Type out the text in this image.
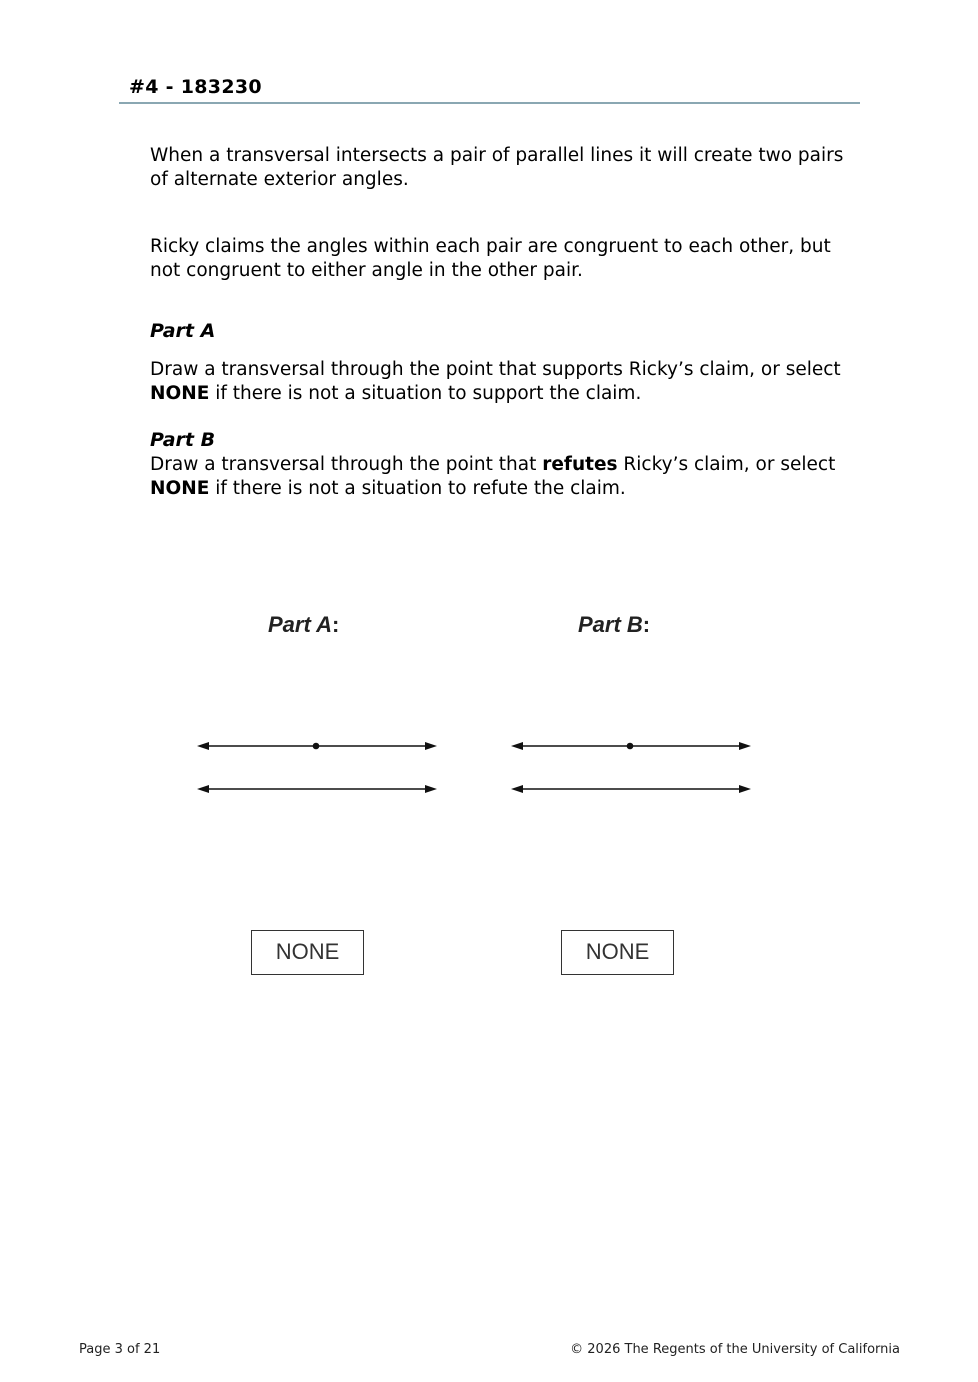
#4 - 183230

When a transversal intersects a pair of parallel lines it will create two pairs of alternate exterior angles.

Ricky claims the angles within each pair are congruent to each other, but not congruent to either angle in the other pair.

Part A

Draw a transversal through the point that supports Ricky’s claim, or select NONE if there is not a situation to support the claim.

Part B

Draw a transversal through the point that refutes Ricky’s claim, or select NONE if there is not a situation to refute the claim.

Part A:
NONE
Part B:
NONE
Page 3 of 21	© 2026 The Regents of the University of California
